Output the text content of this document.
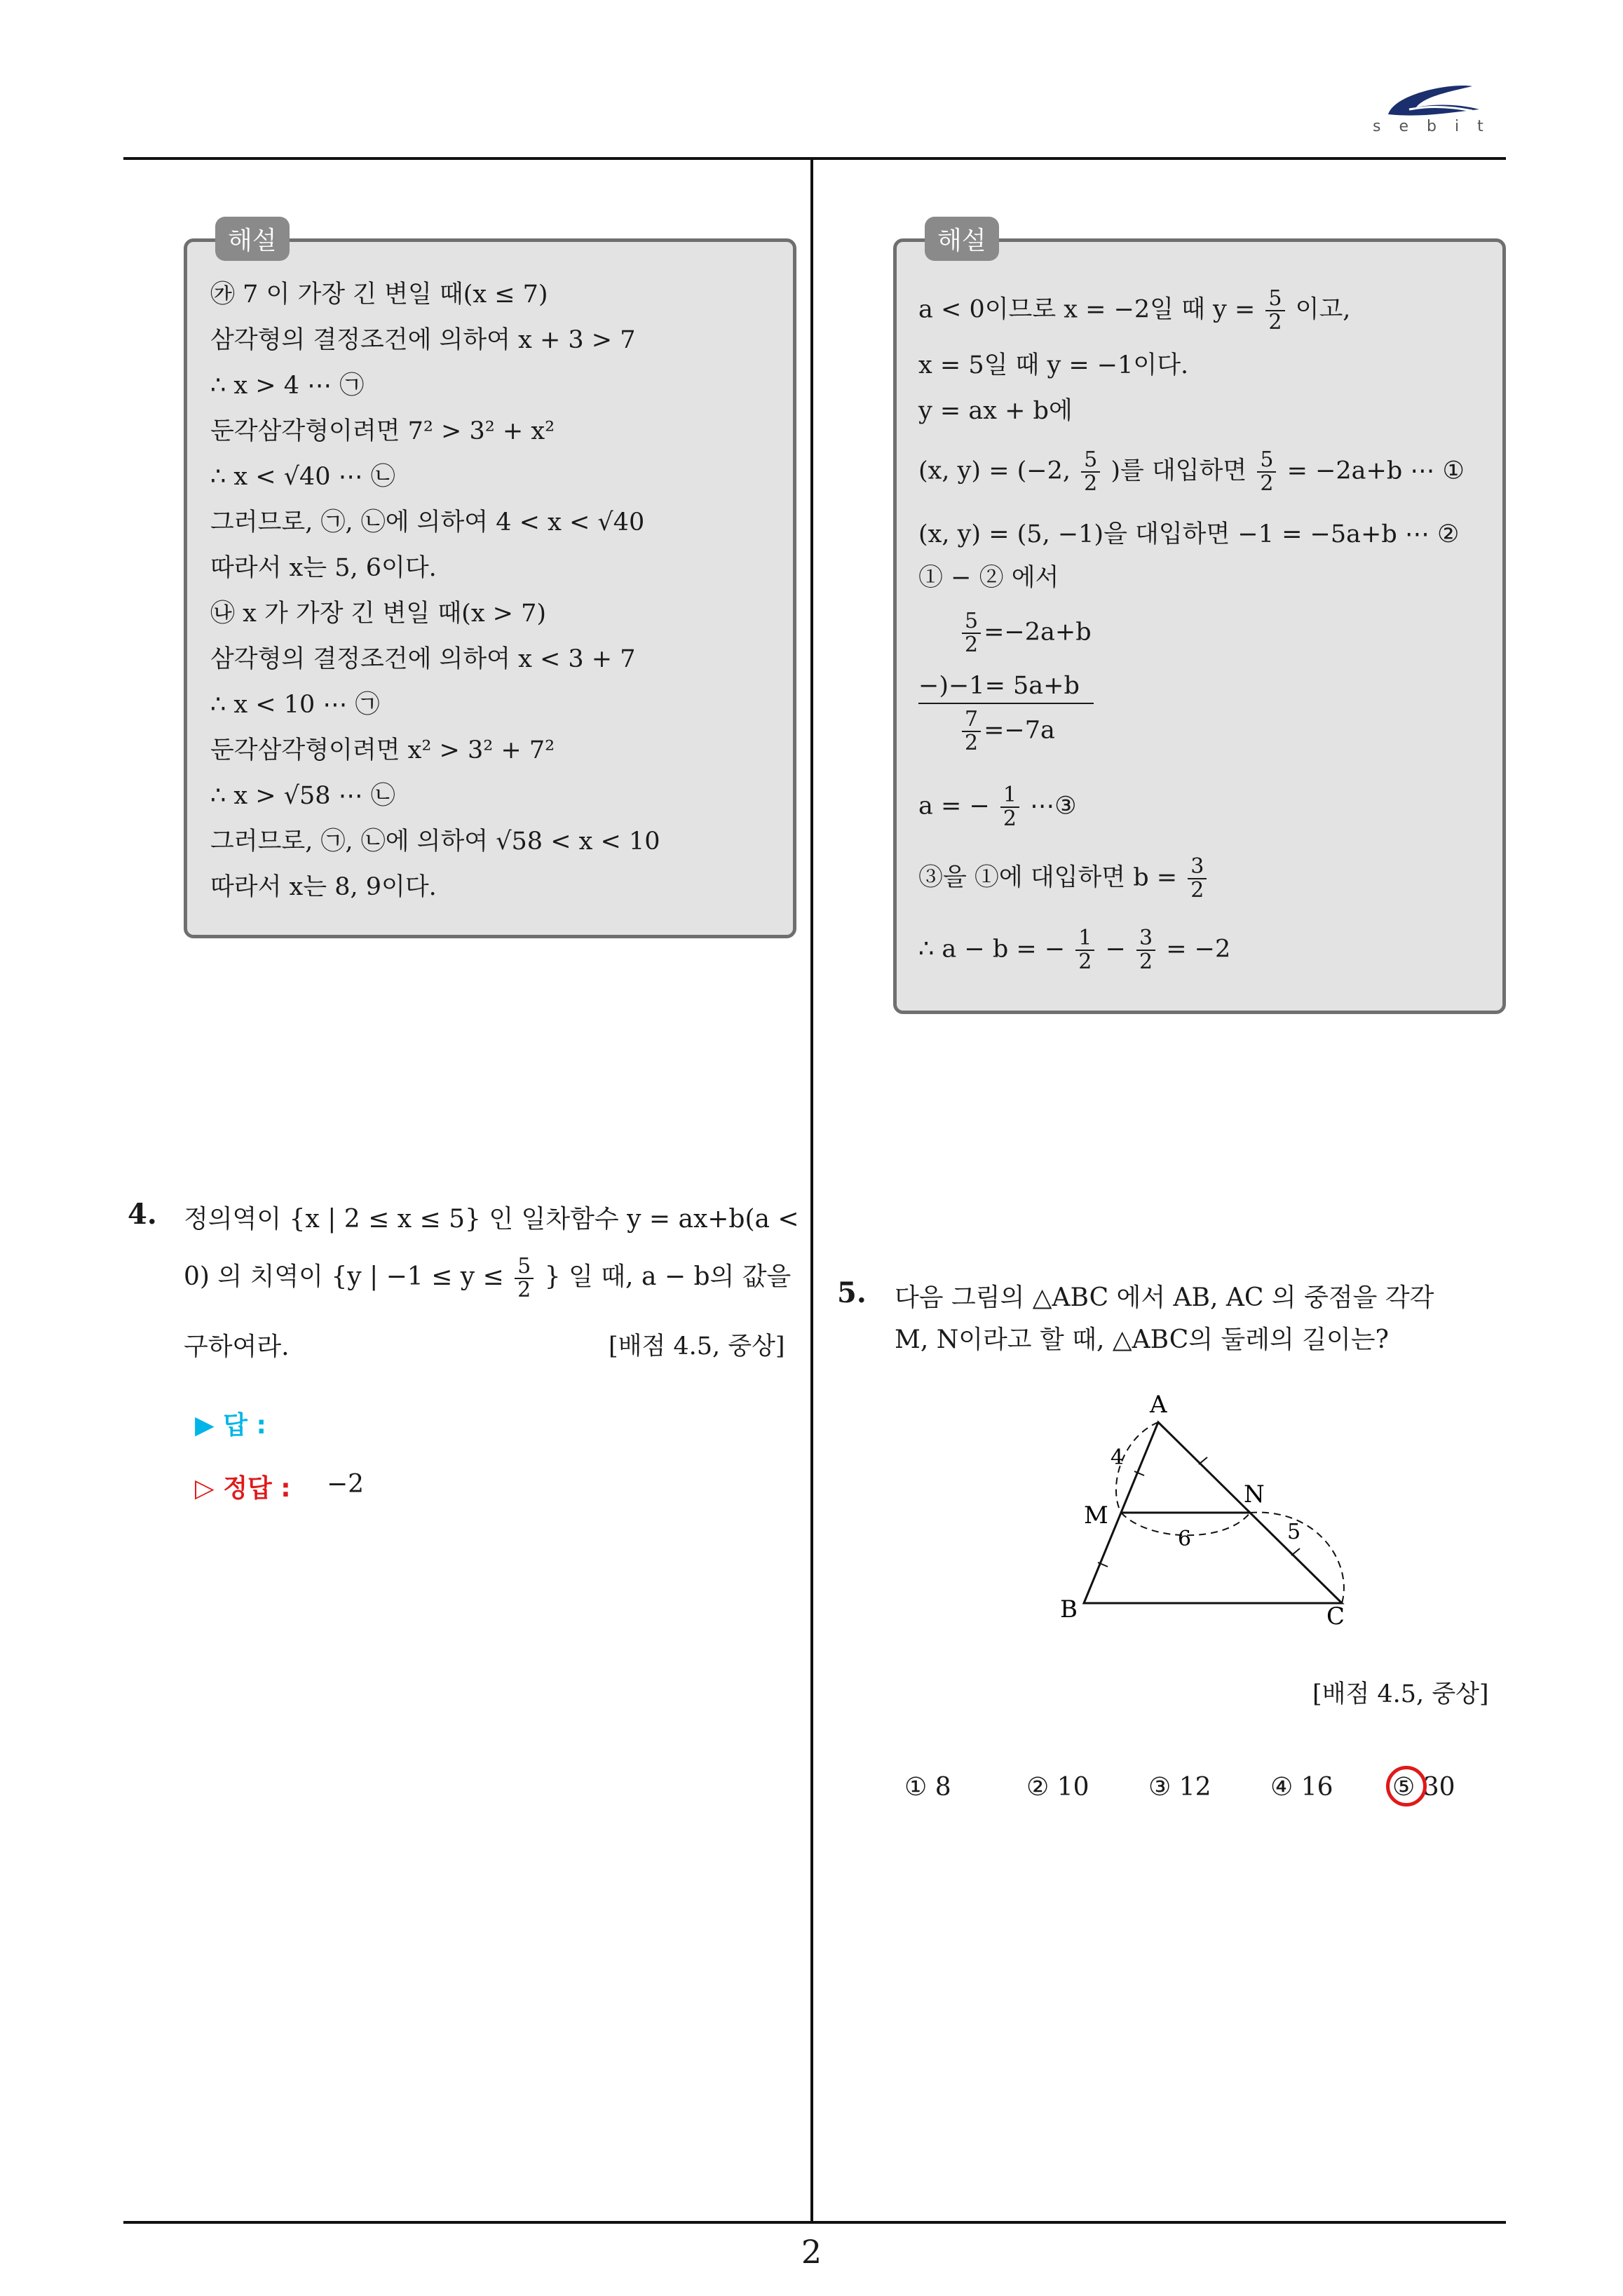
sebit
2
해설
㉮ 7 이 가장 긴 변일 때(x ≤ 7)
삼각형의 결정조건에 의하여 x + 3 > 7
∴ x > 4 ⋯ ㉠
둔각삼각형이려면 7² > 3² + x²
∴ x < √40 ⋯ ㉡
그러므로, ㉠, ㉡에 의하여 4 < x < √40
따라서 x는 5, 6이다.
㉯ x 가 가장 긴 변일 때(x > 7)
삼각형의 결정조건에 의하여 x < 3 + 7
∴ x < 10 ⋯ ㉠
둔각삼각형이려면 x² > 3² + 7²
∴ x > √58 ⋯ ㉡
그러므로, ㉠, ㉡에 의하여 √58 < x < 10
따라서 x는 8, 9이다.
해설
a < 0이므로 x = −2일 때 $y = \frac{5}{2}$ 이고,
x = 5일 때 y = −1이다.
y = ax + b에
(x, y) = (−2, $\frac{5}{2}$ )를 대입하면 $\frac{5}{2} = -2a+b$ ⋯ ①
(x, y) = (5, −1)을 대입하면 −1 = −5a+b ⋯ ②
① − ② 에서
$\frac{5}{2} =-2a+b$
−)−1= 5a+b
$\frac{7}{2} =-7a$
a = − $\frac{1}{2}$ ⋯③
③을 ①에 대입하면 $b = \frac{3}{2}$
∴ a − b = − $\frac{1}{2} - \frac{3}{2} = -2$
4. 정의역이 {x | 2 ≤ x ≤ 5} 인 일차함수 y = ax+b(a <
0) 의 치역이 {y | $-1 \le y \le \frac{5}{2}$ } 일 때, a − b의 값을
구하여라.	[배점 4.5, 중상]
▶ 답 :
▷ 정답 : −2
5. 다음 그림의 △ABC 에서 AB, AC 의 중점을 각각
M, N이라고 할 때, △ABC의 둘레의 길이는?
A
B	C
M
N
4
6	5
[배점 4.5, 중상]
① 8	② 10 ③ 12 ④ 16 ⑤ 30
